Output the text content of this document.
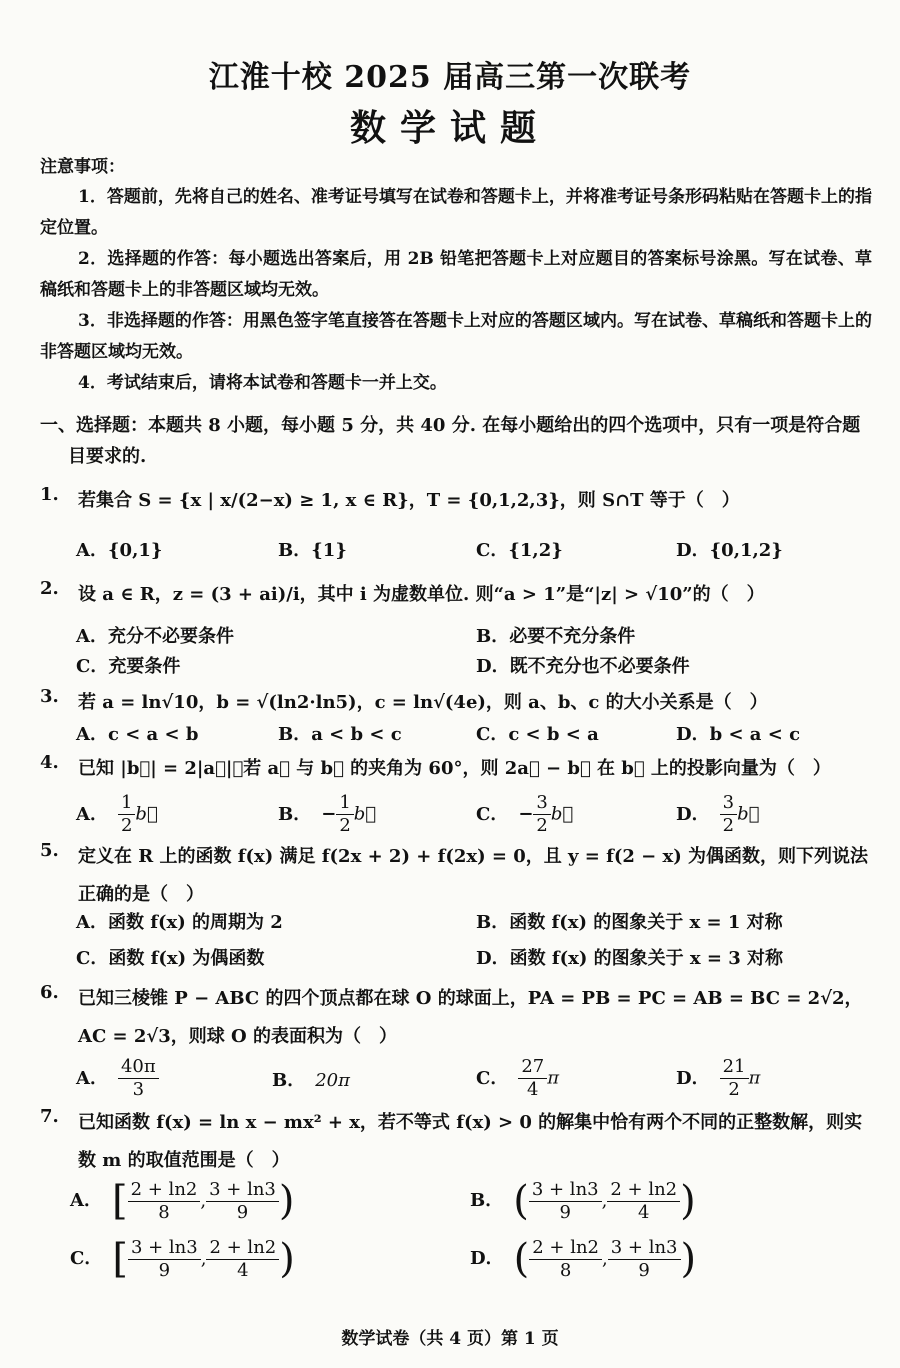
江淮十校 2025 届高三第一次联考
数学试题
注意事项：
1．答题前，先将自己的姓名、准考证号填写在试卷和答题卡上，并将准考证号条形码粘贴在答题卡上的指定位置。
2．选择题的作答：每小题选出答案后，用 2B 铅笔把答题卡上对应题目的答案标号涂黑。写在试卷、草稿纸和答题卡上的非答题区域均无效。
3．非选择题的作答：用黑色签字笔直接答在答题卡上对应的答题区域内。写在试卷、草稿纸和答题卡上的非答题区域均无效。
4．考试结束后，请将本试卷和答题卡一并上交。
一、选择题：本题共 8 小题，每小题 5 分，共 40 分. 在每小题给出的四个选项中，只有一项是符合题目要求的.
1. 若集合 S = {x | x/(2−x) ≥ 1, x ∈ R}，T = {0,1,2,3}，则 S∩T 等于（　）
A．{0,1}	B．{1}	C．{1,2}	D．{0,1,2}
2. 设 a ∈ R，z = (3 + ai)/i，其中 i 为虚数单位. 则“a > 1”是“|z| > √10”的（　）
A．充分不必要条件	B．必要不充分条件
C．充要条件	D．既不充分也不必要条件
3. 若 a = ln√10，b = √(ln2·ln5)，c = ln√(4e)，则 a、b、c 的大小关系是（　）
A．c < a < b	B．a < b < c	C．c < b < a	D．b < a < c
4. 已知 |b⃗| = 2|a⃗|，若 a⃗ 与 b⃗ 的夹角为 60°，则 2a⃗ − b⃗ 在 b⃗ 上的投影向量为（　）
A． $\frac{1}{2}$ b⃗	B． − $\frac{1}{2}$ b⃗	C． − $\frac{3}{2}$ b⃗	D． $\frac{3}{2}$ b⃗
5. 定义在 R 上的函数 f(x) 满足 f(2x + 2) + f(2x) = 0，且 y = f(2 − x) 为偶函数，则下列说法正确的是（　）
A．函数 f(x) 的周期为 2	B．函数 f(x) 的图象关于 x = 1 对称
C．函数 f(x) 为偶函数	D．函数 f(x) 的图象关于 x = 3 对称
6. 已知三棱锥 P − ABC 的四个顶点都在球 O 的球面上，PA = PB = PC = AB = BC = 2√2，AC = 2√3，则球 O 的表面积为（　）
A． $\frac{40\pi}{3}$	B． 20π	C． $\frac{27}{4}$ π	D． $\frac{21}{2}$ π
7. 已知函数 f(x) = ln x − mx² + x，若不等式 f(x) > 0 的解集中恰有两个不同的正整数解，则实数 m 的取值范围是（　）
A． [ $\frac{2 + \ln 2}{8}$ , $\frac{3 + \ln 3}{9}$ )	B． ( $\frac{3 + \ln 3}{9}$ , $\frac{2 + \ln 2}{4}$ )
C． [ $\frac{3 + \ln 3}{9}$ , $\frac{2 + \ln 2}{4}$ )	D． ( $\frac{2 + \ln 2}{8}$ , $\frac{3 + \ln 3}{9}$ )
数学试卷（共 4 页）第 1 页
